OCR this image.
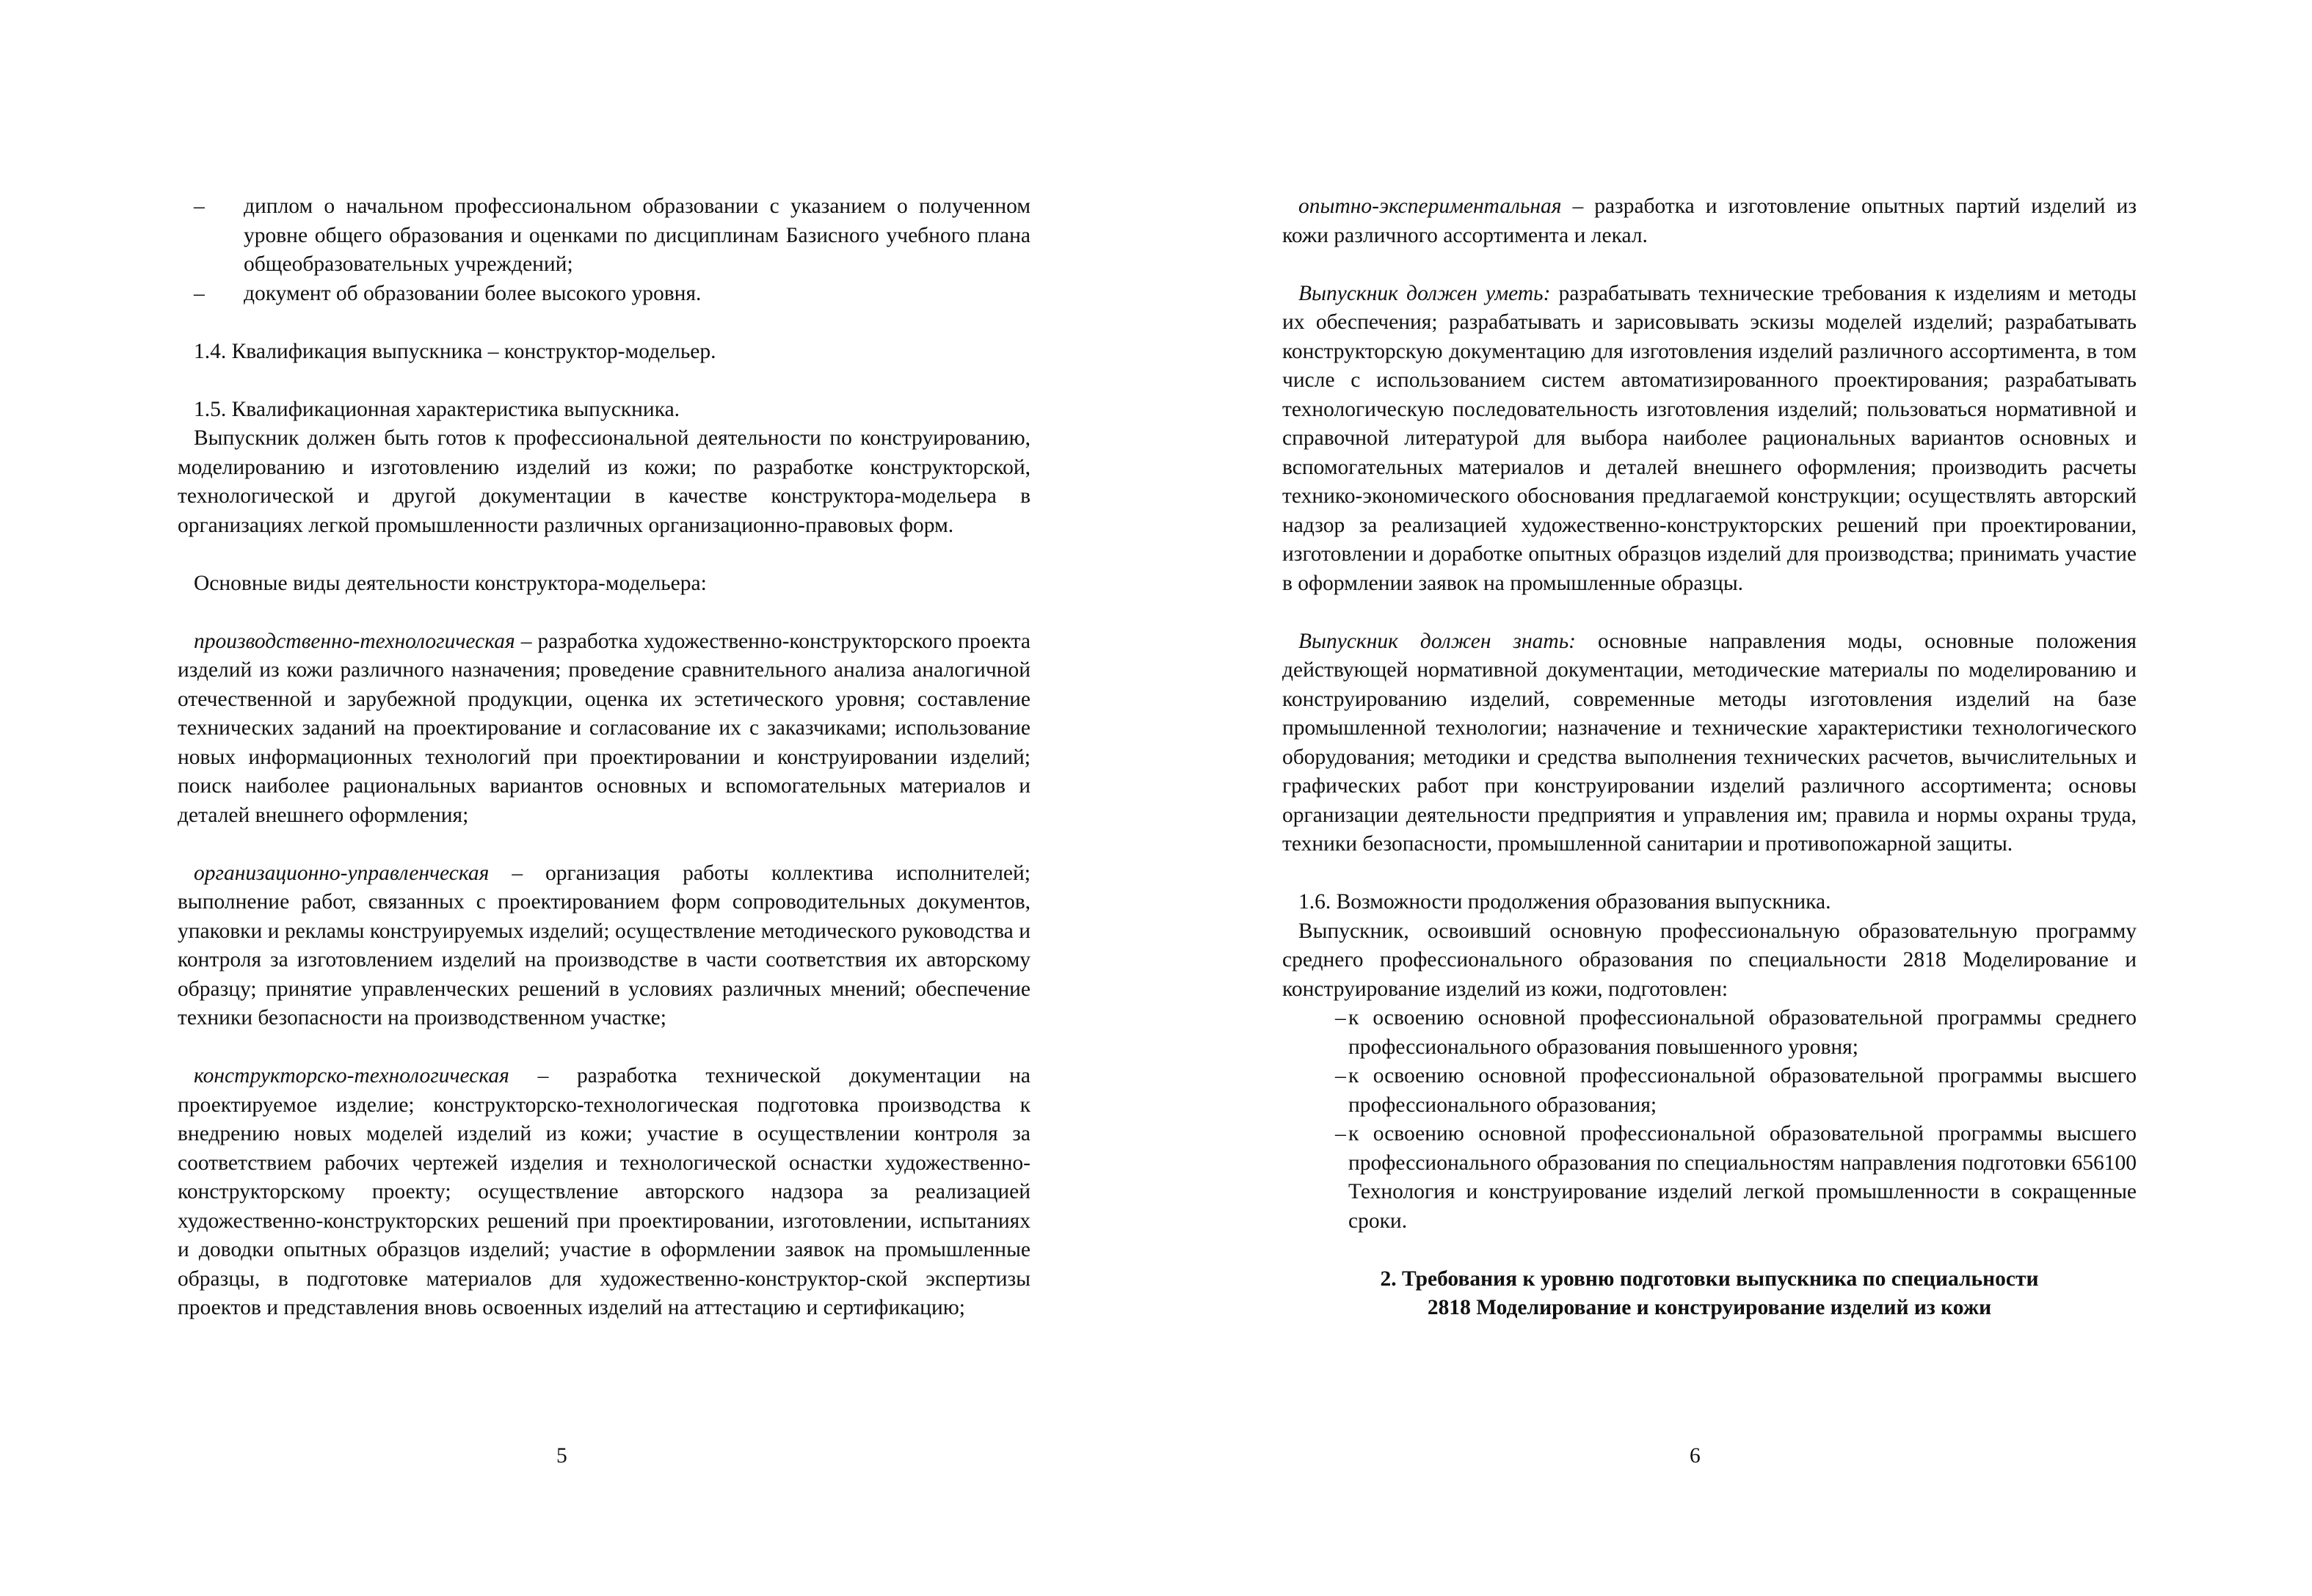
– диплом о начальном профессиональном образовании с указанием о полученном уровне общего образования и оценками по дисциплинам Базисного учебного плана общеобразовательных учреждений;
– документ об образовании более высокого уровня.

1.4. Квалификация выпускника – конструктор-модельер.

1.5. Квалификационная характеристика выпускника.

Выпускник должен быть готов к профессиональной деятельности по конструированию, моделированию и изготовлению изделий из кожи; по разработке конструкторской, технологической и другой документации в качестве конструктора-модельера в организациях легкой промышленности различных организационно-правовых форм.

Основные виды деятельности конструктора-модельера:

производственно-технологическая – разработка художественно-конструкторского проекта изделий из кожи различного назначения; проведение сравнительного анализа аналогичной отечественной и зарубежной продукции, оценка их эстетического уровня; составление технических заданий на проектирование и согласование их с заказчиками; использование новых информационных технологий при проектировании и конструировании изделий; поиск наиболее рациональных вариантов основных и вспомогательных материалов и деталей внешнего оформления;

организационно-управленческая – организация работы коллектива исполнителей; выполнение работ, связанных с проектированием форм сопроводительных документов, упаковки и рекламы конструируемых изделий; осуществление методического руководства и контроля за изготовлением изделий на производстве в части соответствия их авторскому образцу; принятие управленческих решений в условиях различных мнений; обеспечение техники безопасности на производственном участке;

конструкторско-технологическая – разработка технической документации на проектируемое изделие; конструкторско-технологическая подготовка производства к внедрению новых моделей изделий из кожи; участие в осуществлении контроля за соответствием рабочих чертежей изделия и технологической оснастки художественно-конструкторскому проекту; осуществление авторского надзора за реализацией художественно-конструкторских решений при проектировании, изготовлении, испытаниях и доводки опытных образцов изделий; участие в оформлении заявок на промышленные образцы, в подготовке материалов для художественно-конструктор-ской экспертизы проектов и представления вновь освоенных изделий на аттестацию и сертификацию;

5

опытно-экспериментальная – разработка и изготовление опытных партий изделий из кожи различного ассортимента и лекал.

Выпускник должен уметь: разрабатывать технические требования к изделиям и методы их обеспечения; разрабатывать и зарисовывать эскизы моделей изделий; разрабатывать конструкторскую документацию для изготовления изделий различного ассортимента, в том числе с использованием систем автоматизированного проектирования; разрабатывать технологическую последовательность изготовления изделий; пользоваться нормативной и справочной литературой для выбора наиболее рациональных вариантов основных и вспомогательных материалов и деталей внешнего оформления; производить расчеты технико-экономического обоснования предлагаемой конструкции; осуществлять авторский надзор за реализацией художественно-конструкторских решений при проектировании, изготовлении и доработке опытных образцов изделий для производства; принимать участие в оформлении заявок на промышленные образцы.

Выпускник должен знать: основные направления моды, основные положения действующей нормативной документации, методические материалы по моделированию и конструированию изделий, современные методы изготовления изделий на базе промышленной технологии; назначение и технические характеристики технологического оборудования; методики и средства выполнения технических расчетов, вычислительных и графических работ при конструировании изделий различного ассортимента; основы организации деятельности предприятия и управления им; правила и нормы охраны труда, техники безопасности, промышленной санитарии и противопожарной защиты.

1.6. Возможности продолжения образования выпускника.

Выпускник, освоивший основную профессиональную образовательную программу среднего профессионального образования по специальности 2818 Моделирование и конструирование изделий из кожи, подготовлен:

– к освоению основной профессиональной образовательной программы среднего профессионального образования повышенного уровня;
– к освоению основной профессиональной образовательной программы высшего профессионального образования;
– к освоению основной профессиональной образовательной программы высшего профессионального образования по специальностям направления подготовки 656100 Технология и конструирование изделий легкой промышленности в сокращенные сроки.

2. Требования к уровню подготовки выпускника по специальности
2818 Моделирование и конструирование изделий из кожи

6
